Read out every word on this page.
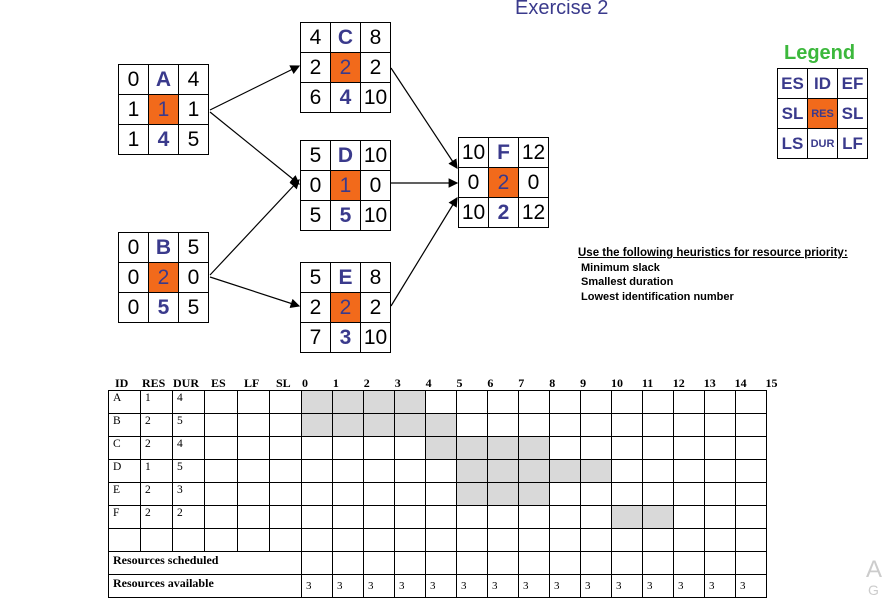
Exercise 2
0 A 4
1 1 1
1 4 5
0 B 5
0 2 0
0 5 5
4 C 8
2 2 2
6 4 10
5 D 10
0 1 0
5 5 10
5 E 8
2 2 2
7 3 10
10 F 12
0 2 0
10 2 12
Legend
ES ID EF
SL RES SL
LS DUR LF
Use the following heuristics for resource priority:
Minimum slack
Smallest duration
Lowest identification number
ID RES DUR ES LF SL 0 1 2 3 4 5 6 7 8 9 10 11 12 13 14 15
A	1	4
B	2	5
C	2	4
D	1	5
E	2	3
F	2	2
Resources scheduled
Resources available	3	3	3	3	3	3	3	3	3	3	3	3	3	3	3
A
G
